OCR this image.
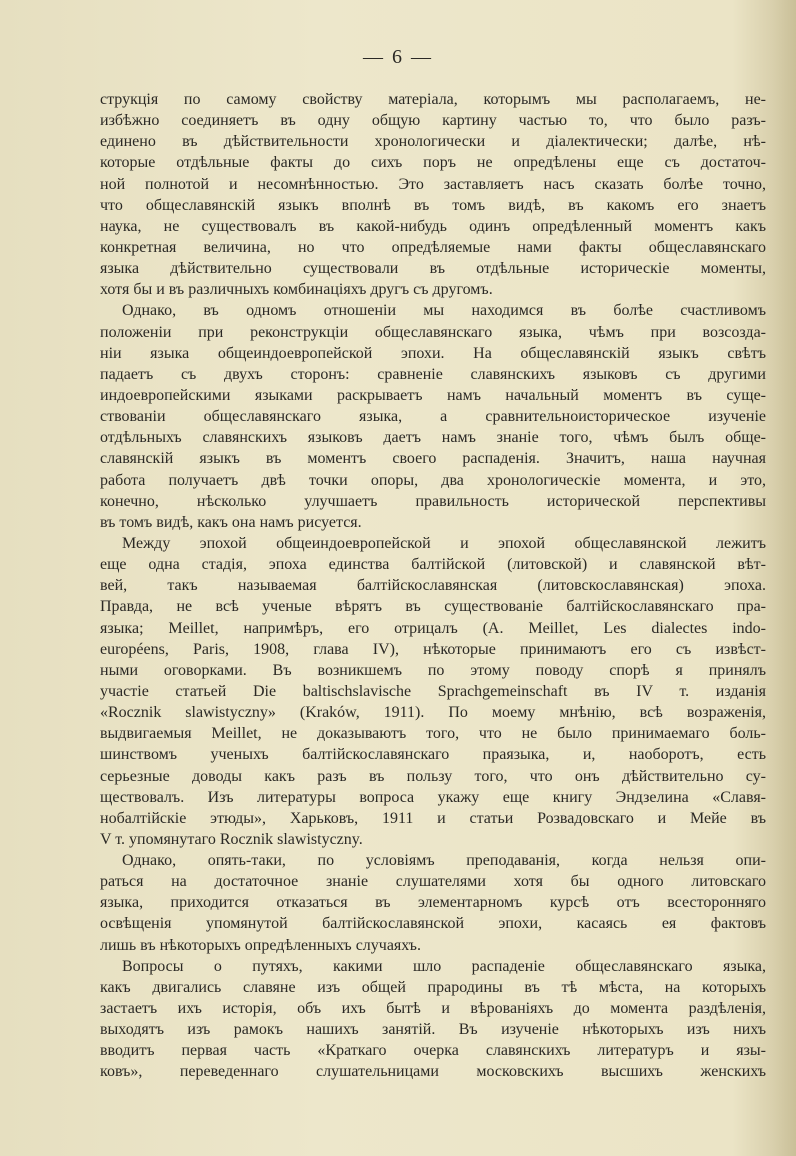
— 6 —
струкція по самому свойству матеріала, которымъ мы располагаемъ, не-
избѣжно соединяетъ въ одну общую картину частью то, что было разъ-
единено въ дѣйствительности хронологически и діалектически; далѣе, нѣ-
которые отдѣльные факты до сихъ поръ не опредѣлены еще съ достаточ-
ной полнотой и несомнѣнностью. Это заставляетъ насъ сказать болѣе точно,
что общеславянскій языкъ вполнѣ въ томъ видѣ, въ какомъ его знаетъ
наука, не существовалъ въ какой-нибудь одинъ опредѣленный моментъ какъ
конкретная величина, но что опредѣляемые нами факты общеславянскаго
языка дѣйствительно существовали въ отдѣльные историческіе моменты,
хотя бы и въ различныхъ комбинаціяхъ другъ съ другомъ.
Однако, въ одномъ отношеніи мы находимся въ болѣе счастливомъ
положеніи при реконструкціи общеславянскаго языка, чѣмъ при возсозда-
ніи языка общеиндоевропейской эпохи. На общеславянскій языкъ свѣтъ
падаетъ съ двухъ сторонъ: сравненіе славянскихъ языковъ съ другими
индоевропейскими языками раскрываетъ намъ начальный моментъ въ суще-
ствованіи общеславянскаго языка, а сравнительноисторическое изученіе
отдѣльныхъ славянскихъ языковъ даетъ намъ знаніе того, чѣмъ былъ обще-
славянскій языкъ въ моментъ своего распаденія. Значитъ, наша научная
работа получаетъ двѣ точки опоры, два хронологическіе момента, и это,
конечно, нѣсколько улучшаетъ правильность исторической перспективы
въ томъ видѣ, какъ она намъ рисуется.
Между эпохой общеиндоевропейской и эпохой общеславянской лежитъ
еще одна стадія, эпоха единства балтійской (литовской) и славянской вѣт-
вей, такъ называемая балтійскославянская (литовскославянская) эпоха.
Правда, не всѣ ученые вѣрятъ въ существованіе балтійскославянскаго пра-
языка; Meillet, напримѣръ, его отрицалъ (A. Meillet, Les dialectes indo-
européens, Paris, 1908, глава IV), нѣкоторые принимаютъ его съ извѣст-
ными оговорками. Въ возникшемъ по этому поводу спорѣ я принялъ
участіе статьей Die baltischslavische Sprachgemeinschaft въ IV т. изданія
«Rocznik slawistyczny» (Kraków, 1911). По моему мнѣнію, всѣ возраженія,
выдвигаемыя Meillet, не доказываютъ того, что не было принимаемаго боль-
шинствомъ ученыхъ балтійскославянскаго праязыка, и, наоборотъ, есть
серьезные доводы какъ разъ въ пользу того, что онъ дѣйствительно су-
ществовалъ. Изъ литературы вопроса укажу еще книгу Эндзелина «Славя-
нобалтійскіе этюды», Харьковъ, 1911 и статьи Розвадовскаго и Мейе въ
V т. упомянутаго Rocznik slawistyczny.
Однако, опять-таки, по условіямъ преподаванія, когда нельзя опи-
раться на достаточное знаніе слушателями хотя бы одного литовскаго
языка, приходится отказаться въ элементарномъ курсѣ отъ всесторонняго
освѣщенія упомянутой балтійскославянской эпохи, касаясь ея фактовъ
лишь въ нѣкоторыхъ опредѣленныхъ случаяхъ.
Вопросы о путяхъ, какими шло распаденіе общеславянскаго языка,
какъ двигались славяне изъ общей прародины въ тѣ мѣста, на которыхъ
застаетъ ихъ исторія, объ ихъ бытѣ и вѣрованіяхъ до момента раздѣленія,
выходятъ изъ рамокъ нашихъ занятій. Въ изученіе нѣкоторыхъ изъ нихъ
вводитъ первая часть «Краткаго очерка славянскихъ литературъ и язы-
ковъ», переведеннаго слушательницами московскихъ высшихъ женскихъ
